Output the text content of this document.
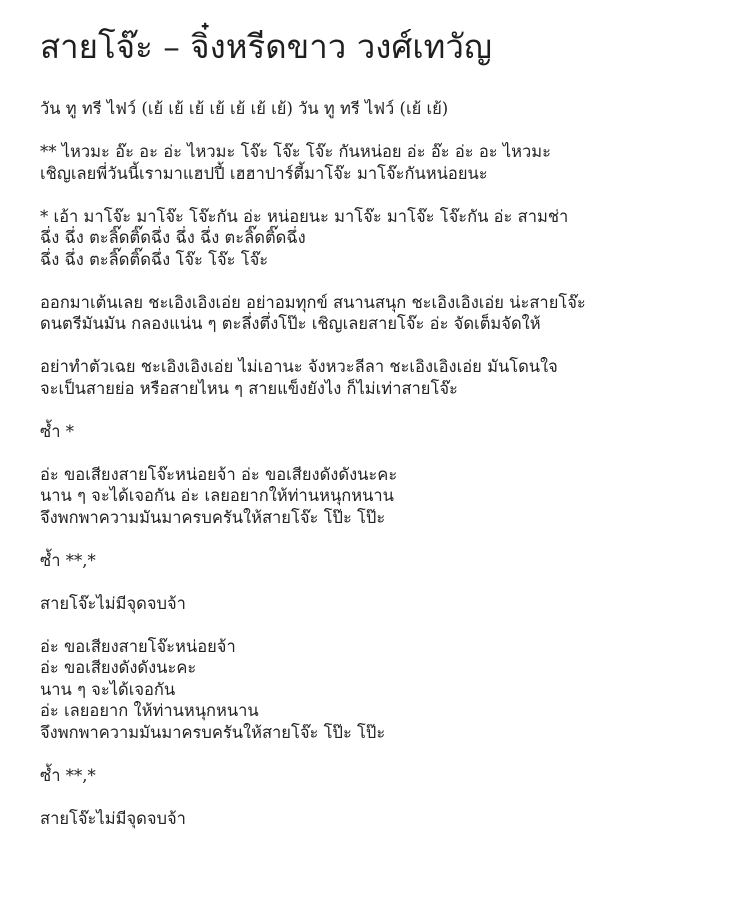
สายโจ๊ะ – จิ๋งหรีดขาว วงศ์เทวัญ
วัน ทู ทรี ไฟว์ (เย้ เย้ เย้ เย้ เย้ เย้ เย้) วัน ทู ทรี ไฟว์ (เย้ เย้)
** ไหวมะ อ๊ะ อะ อ่ะ ไหวมะ โจ๊ะ โจ๊ะ โจ๊ะ กันหน่อย อ่ะ อ๊ะ อ่ะ อะ ไหวมะ
เชิญเลยพี่วันนี้เรามาแฮปปี้ เฮฮาปาร์ตี้มาโจ๊ะ มาโจ๊ะกันหน่อยนะ
* เอ้า มาโจ๊ะ มาโจ๊ะ โจ๊ะกัน อ่ะ หน่อยนะ มาโจ๊ะ มาโจ๊ะ โจ๊ะกัน อ่ะ สามช่า
ฉึ่ง ฉึ่ง ตะลิ๊ดติ๊ดฉึ่ง ฉึ่ง ฉึ่ง ตะลิ๊ดติ๊ดฉึ่ง
ฉึ่ง ฉึ่ง ตะลิ๊ดติ๊ดฉึ่ง โจ๊ะ โจ๊ะ โจ๊ะ
ออกมาเต้นเลย ชะเอิงเอิงเอ่ย อย่าอมทุกข์ สนานสนุก ชะเอิงเอิงเอ่ย น่ะสายโจ๊ะ
ดนตรีมันมัน กลองแน่น ๆ ตะลึ่งตึ่งโป๊ะ เชิญเลยสายโจ๊ะ อ่ะ จัดเต็มจัดให้
อย่าทำตัวเฉย ชะเอิงเอิงเอ่ย ไม่เอานะ จังหวะลีลา ชะเอิงเอิงเอ่ย มันโดนใจ
จะเป็นสายย่อ หรือสายไหน ๆ สายแข็งยังไง ก็ไม่เท่าสายโจ๊ะ
ซ้ำ *
อ่ะ ขอเสียงสายโจ๊ะหน่อยจ้า อ่ะ ขอเสียงดังดังนะคะ
นาน ๆ จะได้เจอกัน อ่ะ เลยอยากให้ท่านหนุกหนาน
จึงพกพาความมันมาครบครันให้สายโจ๊ะ โป๊ะ โป๊ะ
ซ้ำ **,*
สายโจ๊ะไม่มีจุดจบจ้า
อ่ะ ขอเสียงสายโจ๊ะหน่อยจ้า
อ่ะ ขอเสียงดังดังนะคะ
นาน ๆ จะได้เจอกัน
อ่ะ เลยอยาก ให้ท่านหนุกหนาน
จึงพกพาความมันมาครบครันให้สายโจ๊ะ โป๊ะ โป๊ะ
ซ้ำ **,*
สายโจ๊ะไม่มีจุดจบจ้า
